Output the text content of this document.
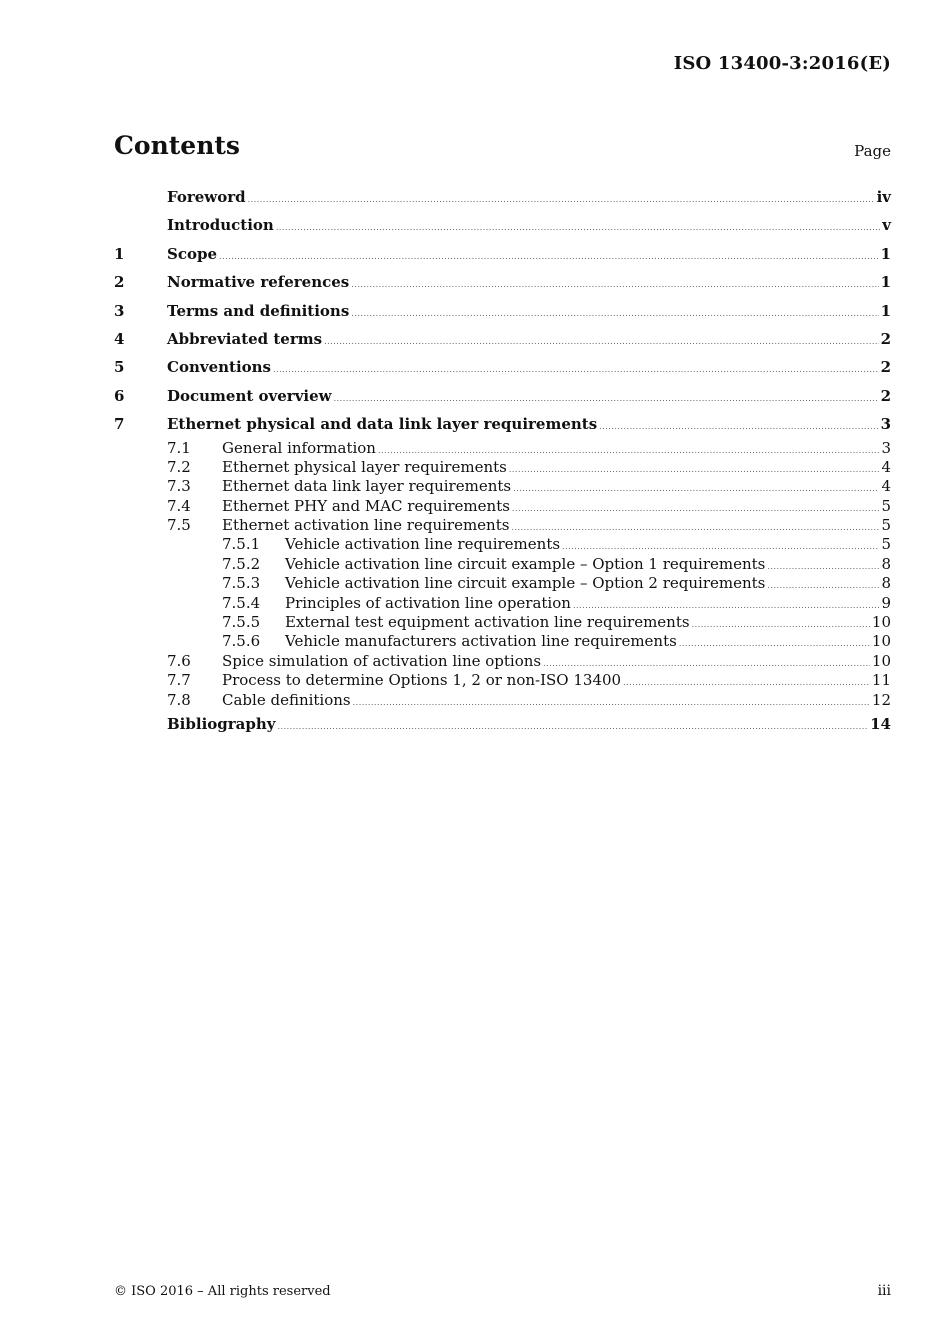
ISO 13400-3:2016(E)
Contents	Page
Foreword .....	iv
Introduction .....	v
1	Scope .....	1
2	Normative references .....	1
3	Terms and definitions .....	1
4	Abbreviated terms .....	2
5	Conventions .....	2
6	Document overview .....	2
7	Ethernet physical and data link layer requirements .....	3
7.1	General information .....	3
7.2	Ethernet physical layer requirements .....	4
7.3	Ethernet data link layer requirements .....	4
7.4	Ethernet PHY and MAC requirements .....	5
7.5	Ethernet activation line requirements .....	5
7.5.1	Vehicle activation line requirements .....	5
7.5.2	Vehicle activation line circuit example – Option 1 requirements .....	8
7.5.3	Vehicle activation line circuit example – Option 2 requirements .....	8
7.5.4	Principles of activation line operation .....	9
7.5.5	External test equipment activation line requirements .....	10
7.5.6	Vehicle manufacturers activation line requirements .....	10
7.6	Spice simulation of activation line options .....	10
7.7	Process to determine Options 1, 2 or non-ISO 13400 .....	11
7.8	Cable definitions .....	12
Bibliography .....	14
© ISO 2016 – All rights reserved	iii
